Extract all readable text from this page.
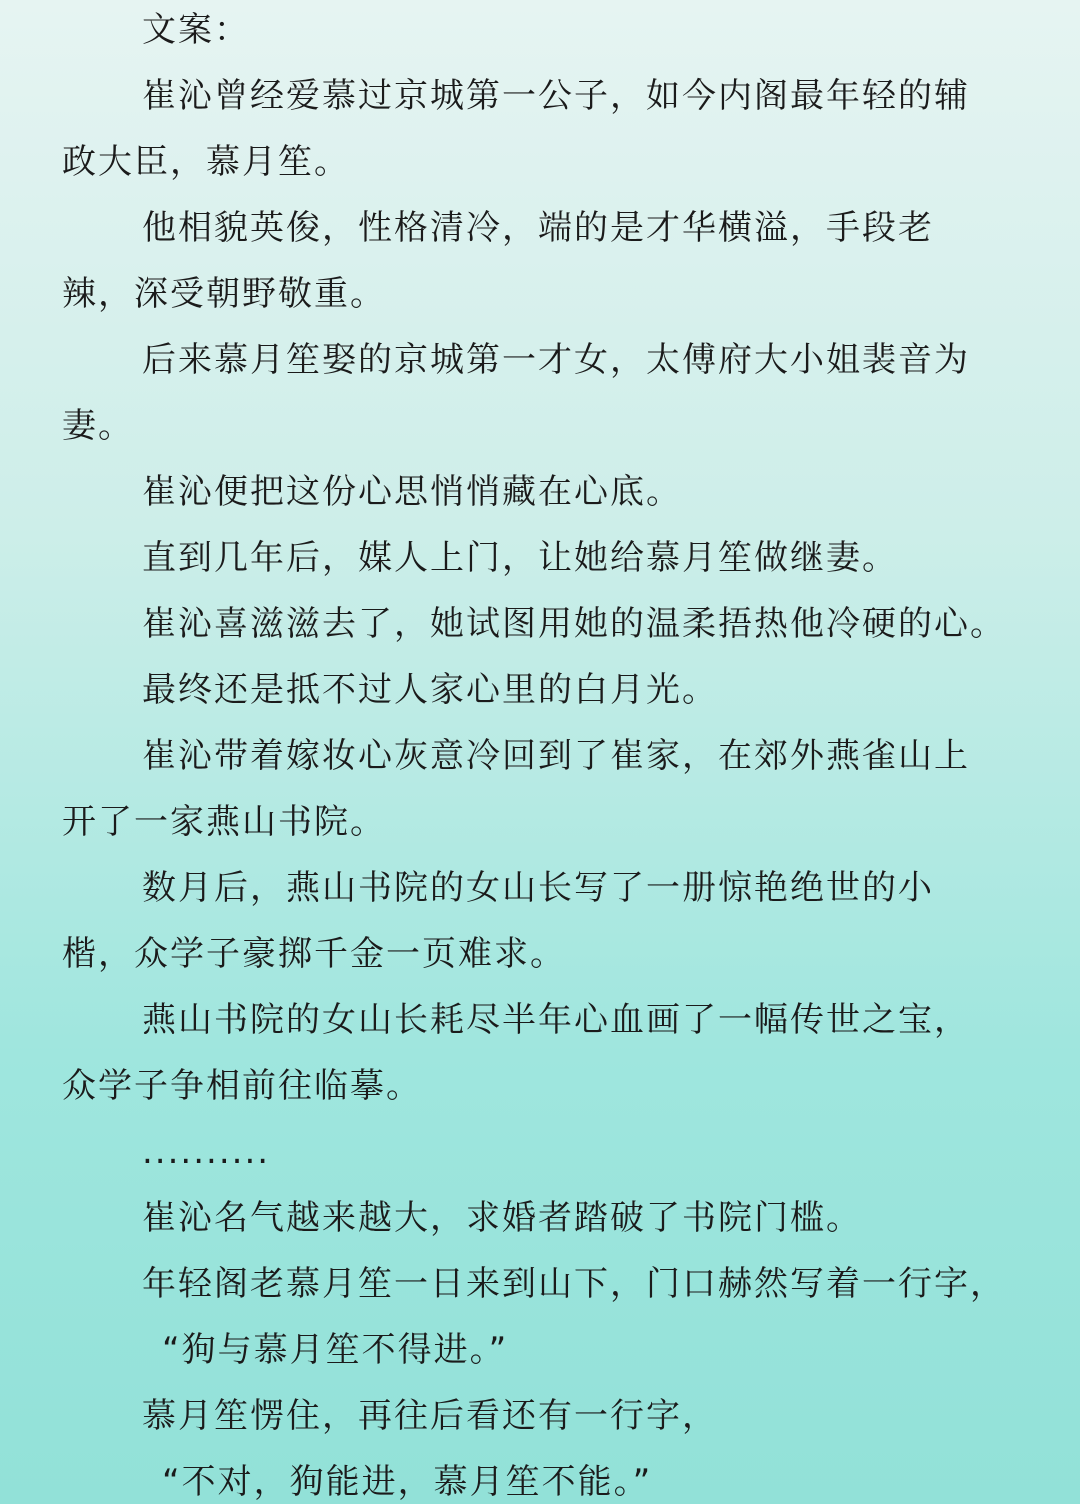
文案：
崔沁曾经爱慕过京城第一公子，如今内阁最年轻的辅
政大臣，慕月笙。
他相貌英俊，性格清冷，端的是才华横溢，手段老
辣，深受朝野敬重。
后来慕月笙娶的京城第一才女，太傅府大小姐裴音为
妻。
崔沁便把这份心思悄悄藏在心底。
直到几年后，媒人上门，让她给慕月笙做继妻。
崔沁喜滋滋去了，她试图用她的温柔捂热他冷硬的心。
最终还是抵不过人家心里的白月光。
崔沁带着嫁妆心灰意冷回到了崔家，在郊外燕雀山上
开了一家燕山书院。
数月后，燕山书院的女山长写了一册惊艳绝世的小
楷，众学子豪掷千金一页难求。
燕山书院的女山长耗尽半年心血画了一幅传世之宝，
众学子争相前往临摹。
..........
崔沁名气越来越大，求婚者踏破了书院门槛。
年轻阁老慕月笙一日来到山下，门口赫然写着一行字，
“狗与慕月笙不得进。”
慕月笙愣住，再往后看还有一行字，
“不对，狗能进，慕月笙不能。”
